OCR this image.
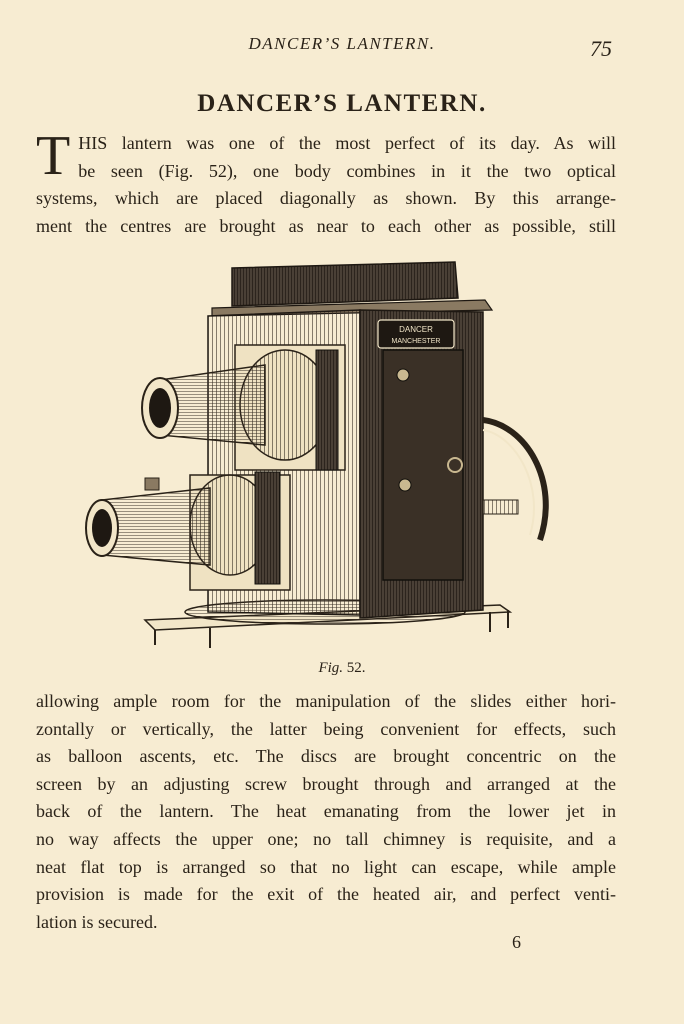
DANCER’S LANTERN.	75
DANCER’S LANTERN.

T HIS lantern was one of the most perfect of its day. As will
be seen (Fig. 52), one body combines in it the two optical
systems, which are placed diagonally as shown. By this arrange-
ment the centres are brought as near to each other as possible, still

DANCER
MANCHESTER
Fig. 52.

allowing ample room for the manipulation of the slides either hori-
zontally or vertically, the latter being convenient for effects, such
as balloon ascents, etc. The discs are brought concentric on the
screen by an adjusting screw brought through and arranged at the
back of the lantern. The heat emanating from the lower jet in
no way affects the upper one; no tall chimney is requisite, and a
neat flat top is arranged so that no light can escape, while ample
provision is made for the exit of the heated air, and perfect venti-
lation is secured.

6
